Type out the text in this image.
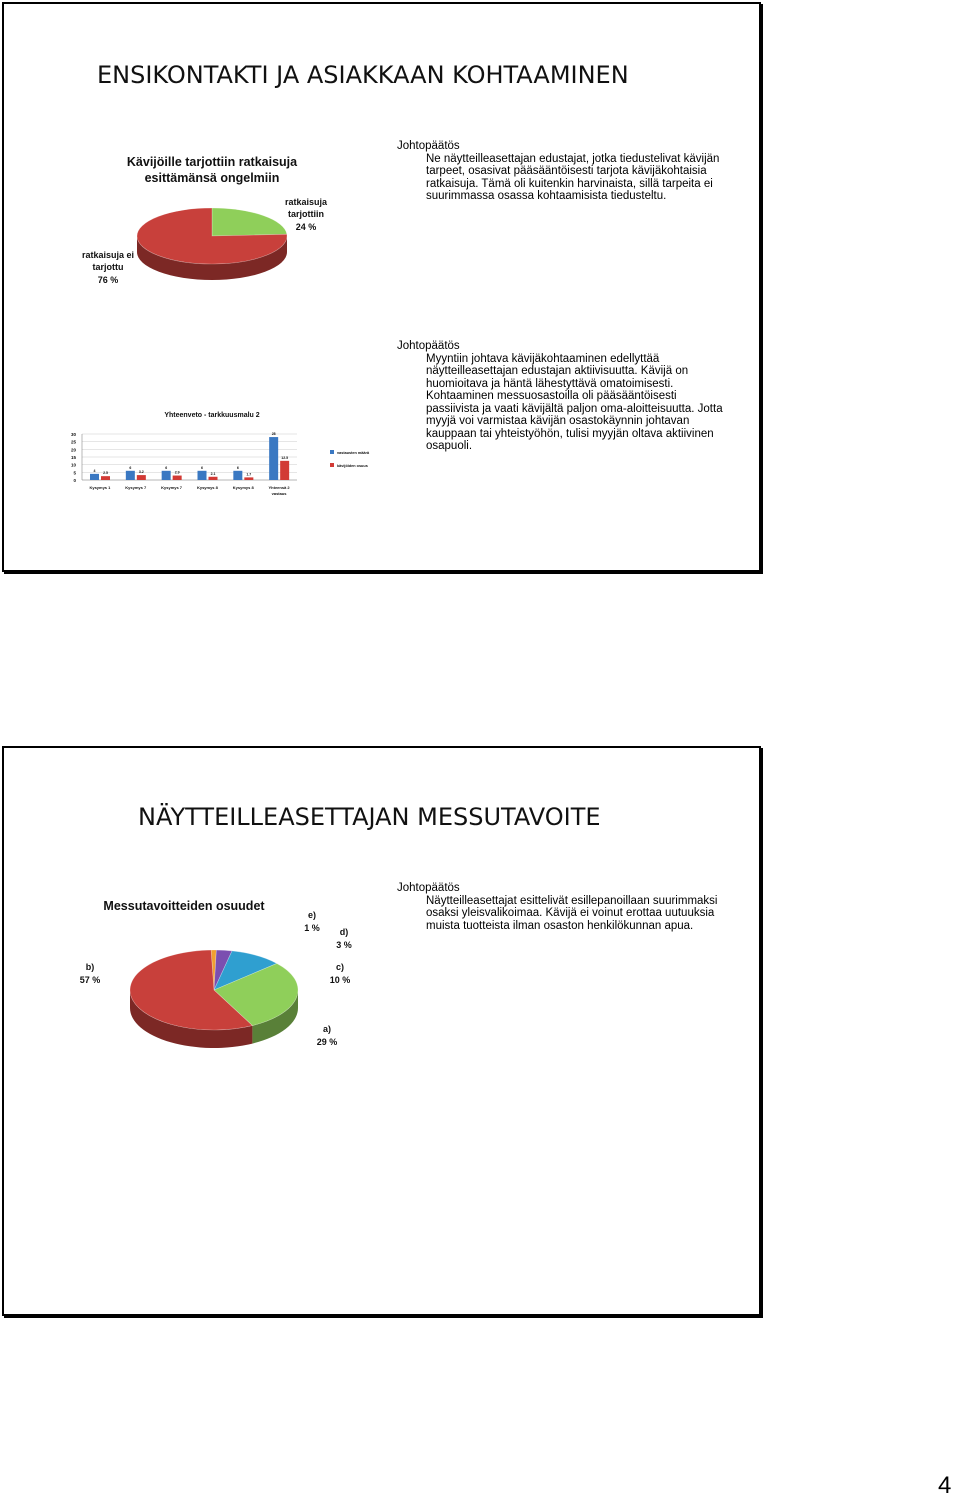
ENSIKONTAKTI JA ASIAKKAAN KOHTAAMINEN
Kävijöille tarjottiin ratkaisuja
esittämänsä ongelmiin
ratkaisuja
tarjottiin
24 %
ratkaisuja ei
tarjottu
76 %
Johtopäätös
Ne näytteilleasettajan edustajat, jotka tiedustelivat kävijän tarpeet, osasivat pääsääntöisesti tarjota kävijäkohtaisia ratkaisuja. Tämä oli kuitenkin harvinaista, sillä tarpeita ei suurimmassa osassa kohtaamisista tiedusteltu.
0
5
10
15
20
25
30
Yhteenveto - tarkkuusmalu 2
4
2.5
Kysymys 1
6
3.2
Kysymys 7
6
2.9
Kysymys 7
6
2.1
Kysymys 8
6
1.7
Kysymys 8
28
12.5
Yhteensä 2
vastaus
vastausten määrä
kävijöiden osuus
Johtopäätös
Myyntiin johtava kävijäkohtaaminen edellyttää näytteilleasettajan edustajan aktiivisuutta. Kävijä on huomioitava ja häntä lähestyttävä omatoimisesti. Kohtaaminen messuosastoilla oli pääsääntöisesti passiivista ja vaati kävijältä paljon oma-aloitteisuutta. Jotta myyjä voi varmistaa kävijän osastokäynnin johtavan kauppaan tai yhteistyöhön, tulisi myyjän oltava aktiivinen osapuoli.
NÄYTTEILLEASETTAJAN MESSUTAVOITE
Messutavoitteiden osuudet
e)
1 % d)
3 %
c)
10 %
b)
57 %
a)
29 %
Johtopäätös
Näytteilleasettajat esittelivät esillepanoillaan suurimmaksi osaksi yleisvalikoimaa. Kävijä ei voinut erottaa uutuuksia muista tuotteista ilman osaston henkilökunnan apua.
4
